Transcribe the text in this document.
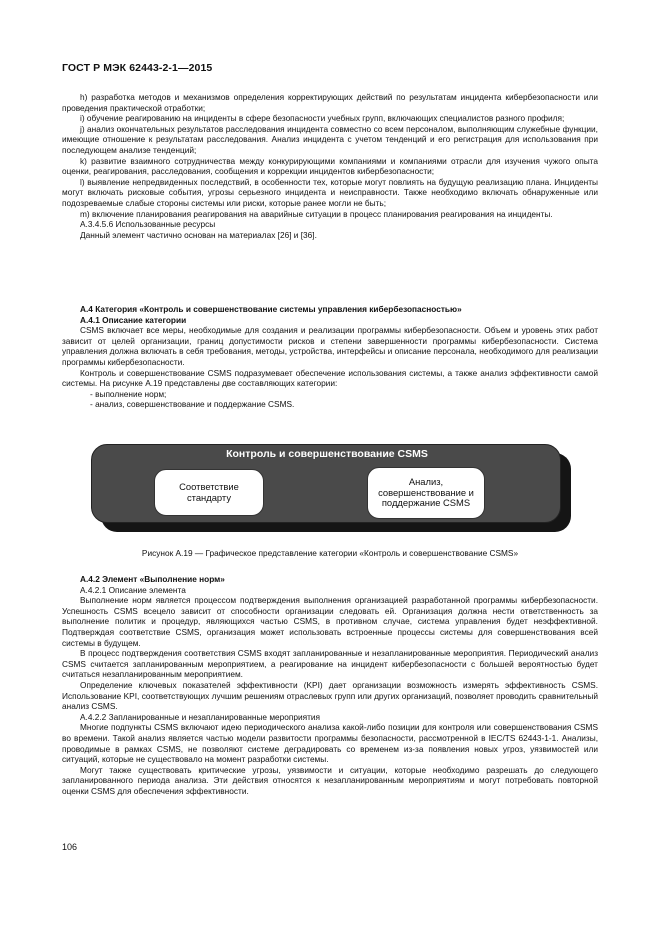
ГОСТ Р МЭК 62443-2-1—2015

h) разработка методов и механизмов определения корректирующих действий по результатам инцидента кибербезопасности или проведения практической отработки;

i) обучение реагированию на инциденты в сфере безопасности учебных групп, включающих специалистов разного профиля;

j) анализ окончательных результатов расследования инцидента совместно со всем персоналом, выполняющим служебные функции, имеющие отношение к результатам расследования. Анализ инцидента с учетом тенденций и его регистрация для использования при последующем анализе тенденций;

k) развитие взаимного сотрудничества между конкурирующими компаниями и компаниями отрасли для изучения чужого опыта оценки, реагирования, расследования, сообщения и коррекции инцидентов кибербезопасности;

l) выявление непредвиденных последствий, в особенности тех, которые могут повлиять на будущую реализацию плана. Инциденты могут включать рисковые события, угрозы серьезного инцидента и неисправности. Также необходимо включать обнаруженные или подозреваемые слабые стороны системы или риски, которые ранее могли не быть;

m) включение планирования реагирования на аварийные ситуации в процесс планирования реагирования на инциденты.

A.3.4.5.6 Использованные ресурсы

Данный элемент частично основан на материалах [26] и [36].

А.4 Категория «Контроль и совершенствование системы управления кибербезопасностью»

А.4.1 Описание категории

CSMS включает все меры, необходимые для создания и реализации программы кибербезопасности. Объем и уровень этих работ зависит от целей организации, границ допустимости рисков и степени завершенности программы кибербезопасности. Система управления должна включать в себя требования, методы, устройства, интерфейсы и описание персонала, необходимого для реализации программы кибербезопасности.

Контроль и совершенствование CSMS подразумевает обеспечение использования системы, а также анализ эффективности самой системы. На рисунке А.19 представлены две составляющих категории:

- выполнение норм;

- анализ, совершенствование и поддержание CSMS.

Контроль и совершенствование CSMS
Соответствие стандарту
Анализ, совершенствование и поддержание CSMS
Рисунок А.19 — Графическое представление категории «Контроль и совершенствование CSMS»

А.4.2 Элемент «Выполнение норм»

А.4.2.1 Описание элемента

Выполнение норм является процессом подтверждения выполнения организацией разработанной программы кибербезопасности. Успешность CSMS всецело зависит от способности организации следовать ей. Организация должна нести ответственность за выполнение политик и процедур, являющихся частью CSMS, в противном случае, система управления будет неэффективной. Подтверждая соответствие CSMS, организация может использовать встроенные процессы системы для совершенствования всей системы в будущем.

В процесс подтверждения соответствия CSMS входят запланированные и незапланированные мероприятия. Периодический анализ CSMS считается запланированным мероприятием, а реагирование на инцидент кибербезопасности с большей вероятностью будет считаться незапланированным мероприятием.

Определение ключевых показателей эффективности (KPI) дает организации возможность измерять эффективность CSMS. Использование KPI, соответствующих лучшим решениям отраслевых групп или других организаций, позволяет проводить сравнительный анализ CSMS.

А.4.2.2 Запланированные и незапланированные мероприятия

Многие подпункты CSMS включают идею периодического анализа какой-либо позиции для контроля или совершенствования CSMS во времени. Такой анализ является частью модели развитости программы безопасности, рассмотренной в IEC/TS 62443-1-1. Анализы, проводимые в рамках CSMS, не позволяют системе деградировать со временем из-за появления новых угроз, уязвимостей или ситуаций, которые не существовало на момент разработки системы.

Могут также существовать критические угрозы, уязвимости и ситуации, которые необходимо разрешать до следующего запланированного периода анализа. Эти действия относятся к незапланированным мероприятиям и могут потребовать повторной оценки CSMS для обеспечения эффективности.

106
